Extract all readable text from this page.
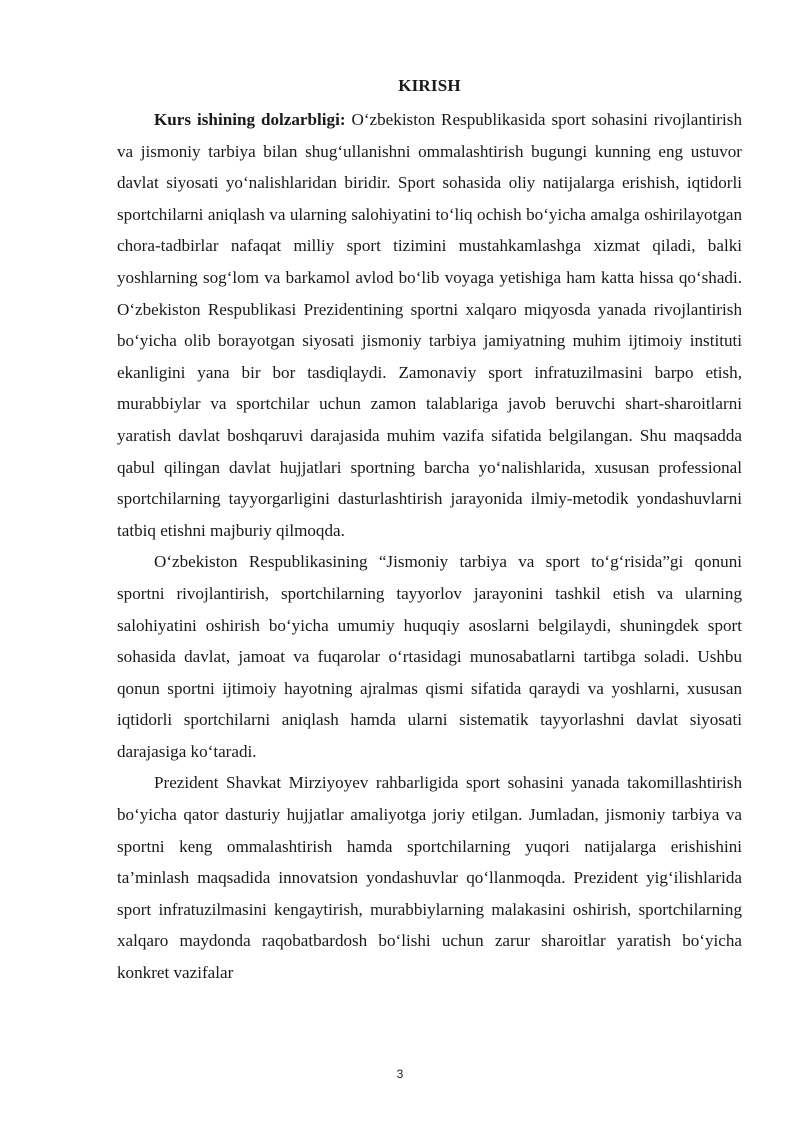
KIRISH

Kurs ishining dolzarbligi: O‘zbekiston Respublikasida sport sohasini rivojlantirish va jismoniy tarbiya bilan shug‘ullanishni ommalashtirish bugungi kunning eng ustuvor davlat siyosati yo‘nalishlaridan biridir. Sport sohasida oliy natijalarga erishish, iqtidorli sportchilarni aniqlash va ularning salohiyatini to‘liq ochish bo‘yicha amalga oshirilayotgan chora-tadbirlar nafaqat milliy sport tizimini mustahkamlashga xizmat qiladi, balki yoshlarning sog‘lom va barkamol avlod bo‘lib voyaga yetishiga ham katta hissa qo‘shadi. O‘zbekiston Respublikasi Prezidentining sportni xalqaro miqyosda yanada rivojlantirish bo‘yicha olib borayotgan siyosati jismoniy tarbiya jamiyatning muhim ijtimoiy instituti ekanligini yana bir bor tasdiqlaydi. Zamonaviy sport infratuzilmasini barpo etish, murabbiylar va sportchilar uchun zamon talablariga javob beruvchi shart-sharoitlarni yaratish davlat boshqaruvi darajasida muhim vazifa sifatida belgilangan. Shu maqsadda qabul qilingan davlat hujjatlari sportning barcha yo‘nalishlarida, xususan professional sportchilarning tayyorgarligini dasturlashtirish jarayonida ilmiy-metodik yondashuvlarni tatbiq etishni majburiy qilmoqda.

O‘zbekiston Respublikasining “Jismoniy tarbiya va sport to‘g‘risida”gi qonuni sportni rivojlantirish, sportchilarning tayyorlov jarayonini tashkil etish va ularning salohiyatini oshirish bo‘yicha umumiy huquqiy asoslarni belgilaydi, shuningdek sport sohasida davlat, jamoat va fuqarolar o‘rtasidagi munosabatlarni tartibga soladi. Ushbu qonun sportni ijtimoiy hayotning ajralmas qismi sifatida qaraydi va yoshlarni, xususan iqtidorli sportchilarni aniqlash hamda ularni sistematik tayyorlashni davlat siyosati darajasiga ko‘taradi.

Prezident Shavkat Mirziyoyev rahbarligida sport sohasini yanada takomillashtirish bo‘yicha qator dasturiy hujjatlar amaliyotga joriy etilgan. Jumladan, jismoniy tarbiya va sportni keng ommalashtirish hamda sportchilarning yuqori natijalarga erishishini ta’minlash maqsadida innovatsion yondashuvlar qo‘llanmoqda. Prezident yig‘ilishlarida sport infratuzilmasini kengaytirish, murabbiylarning malakasini oshirish, sportchilarning xalqaro maydonda raqobatbardosh bo‘lishi uchun zarur sharoitlar yaratish bo‘yicha konkret vazifalar

3
